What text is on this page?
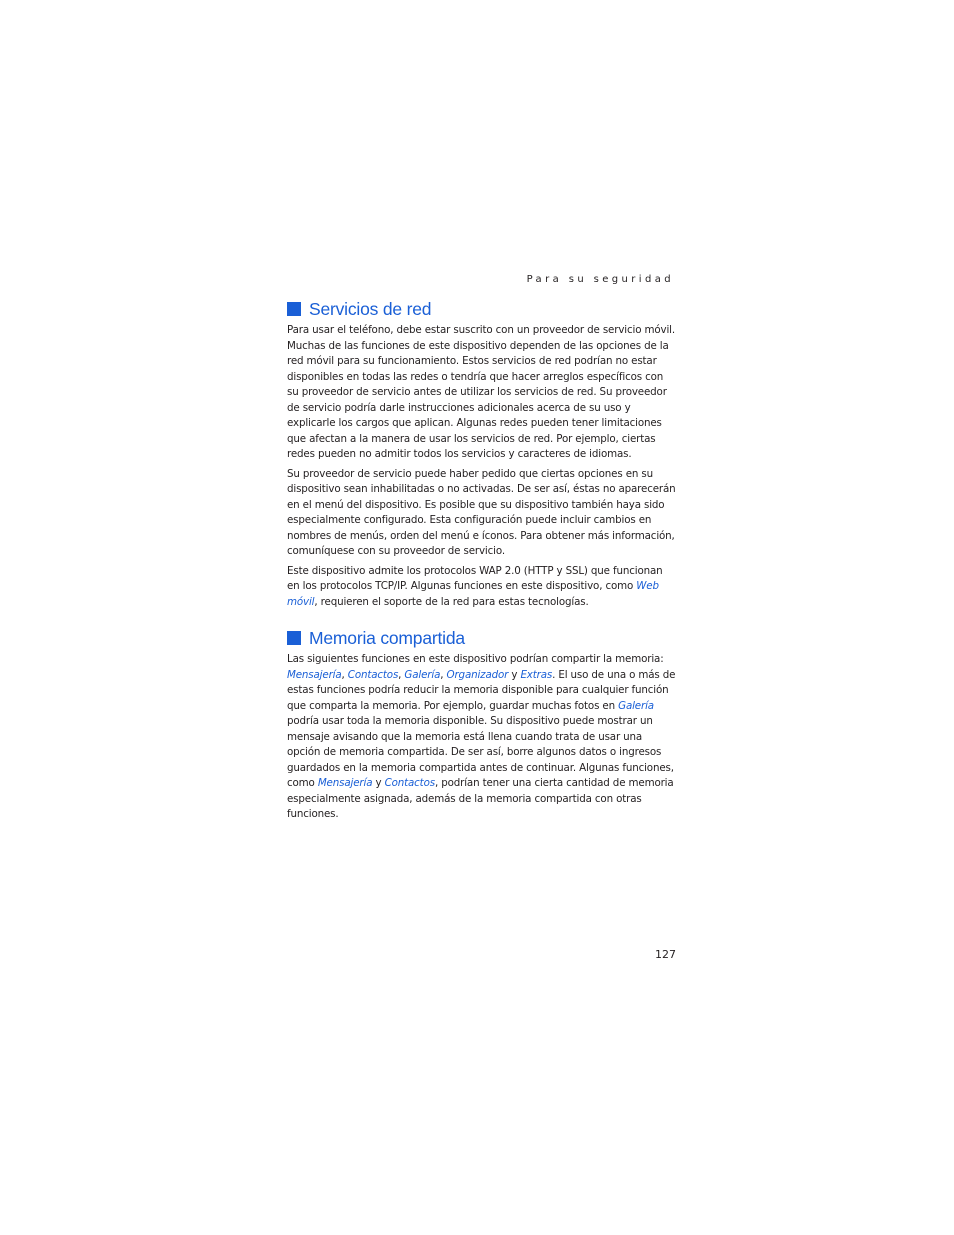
Para su seguridad
Servicios de red

Para usar el teléfono, debe estar suscrito con un proveedor de servicio móvil. Muchas de las funciones de este dispositivo dependen de las opciones de la red móvil para su funcionamiento. Estos servicios de red podrían no estar disponibles en todas las redes o tendría que hacer arreglos específicos con su proveedor de servicio antes de utilizar los servicios de red. Su proveedor de servicio podría darle instrucciones adicionales acerca de su uso y explicarle los cargos que aplican. Algunas redes pueden tener limitaciones que afectan a la manera de usar los servicios de red. Por ejemplo, ciertas redes pueden no admitir todos los servicios y caracteres de idiomas.

Su proveedor de servicio puede haber pedido que ciertas opciones en su dispositivo sean inhabilitadas o no activadas. De ser así, éstas no aparecerán en el menú del dispositivo. Es posible que su dispositivo también haya sido especialmente configurado. Esta configuración puede incluir cambios en nombres de menús, orden del menú e íconos. Para obtener más información, comuníquese con su proveedor de servicio.

Este dispositivo admite los protocolos WAP 2.0 (HTTP y SSL) que funcionan en los protocolos TCP/IP. Algunas funciones en este dispositivo, como Web móvil, requieren el soporte de la red para estas tecnologías.

Memoria compartida

Las siguientes funciones en este dispositivo podrían compartir la memoria: Mensajería, Contactos, Galería, Organizador y Extras. El uso de una o más de estas funciones podría reducir la memoria disponible para cualquier función que comparta la memoria. Por ejemplo, guardar muchas fotos en Galería podría usar toda la memoria disponible. Su dispositivo puede mostrar un mensaje avisando que la memoria está llena cuando trata de usar una opción de memoria compartida. De ser así, borre algunos datos o ingresos guardados en la memoria compartida antes de continuar. Algunas funciones, como Mensajería y Contactos, podrían tener una cierta cantidad de memoria especialmente asignada, además de la memoria compartida con otras funciones.

127
